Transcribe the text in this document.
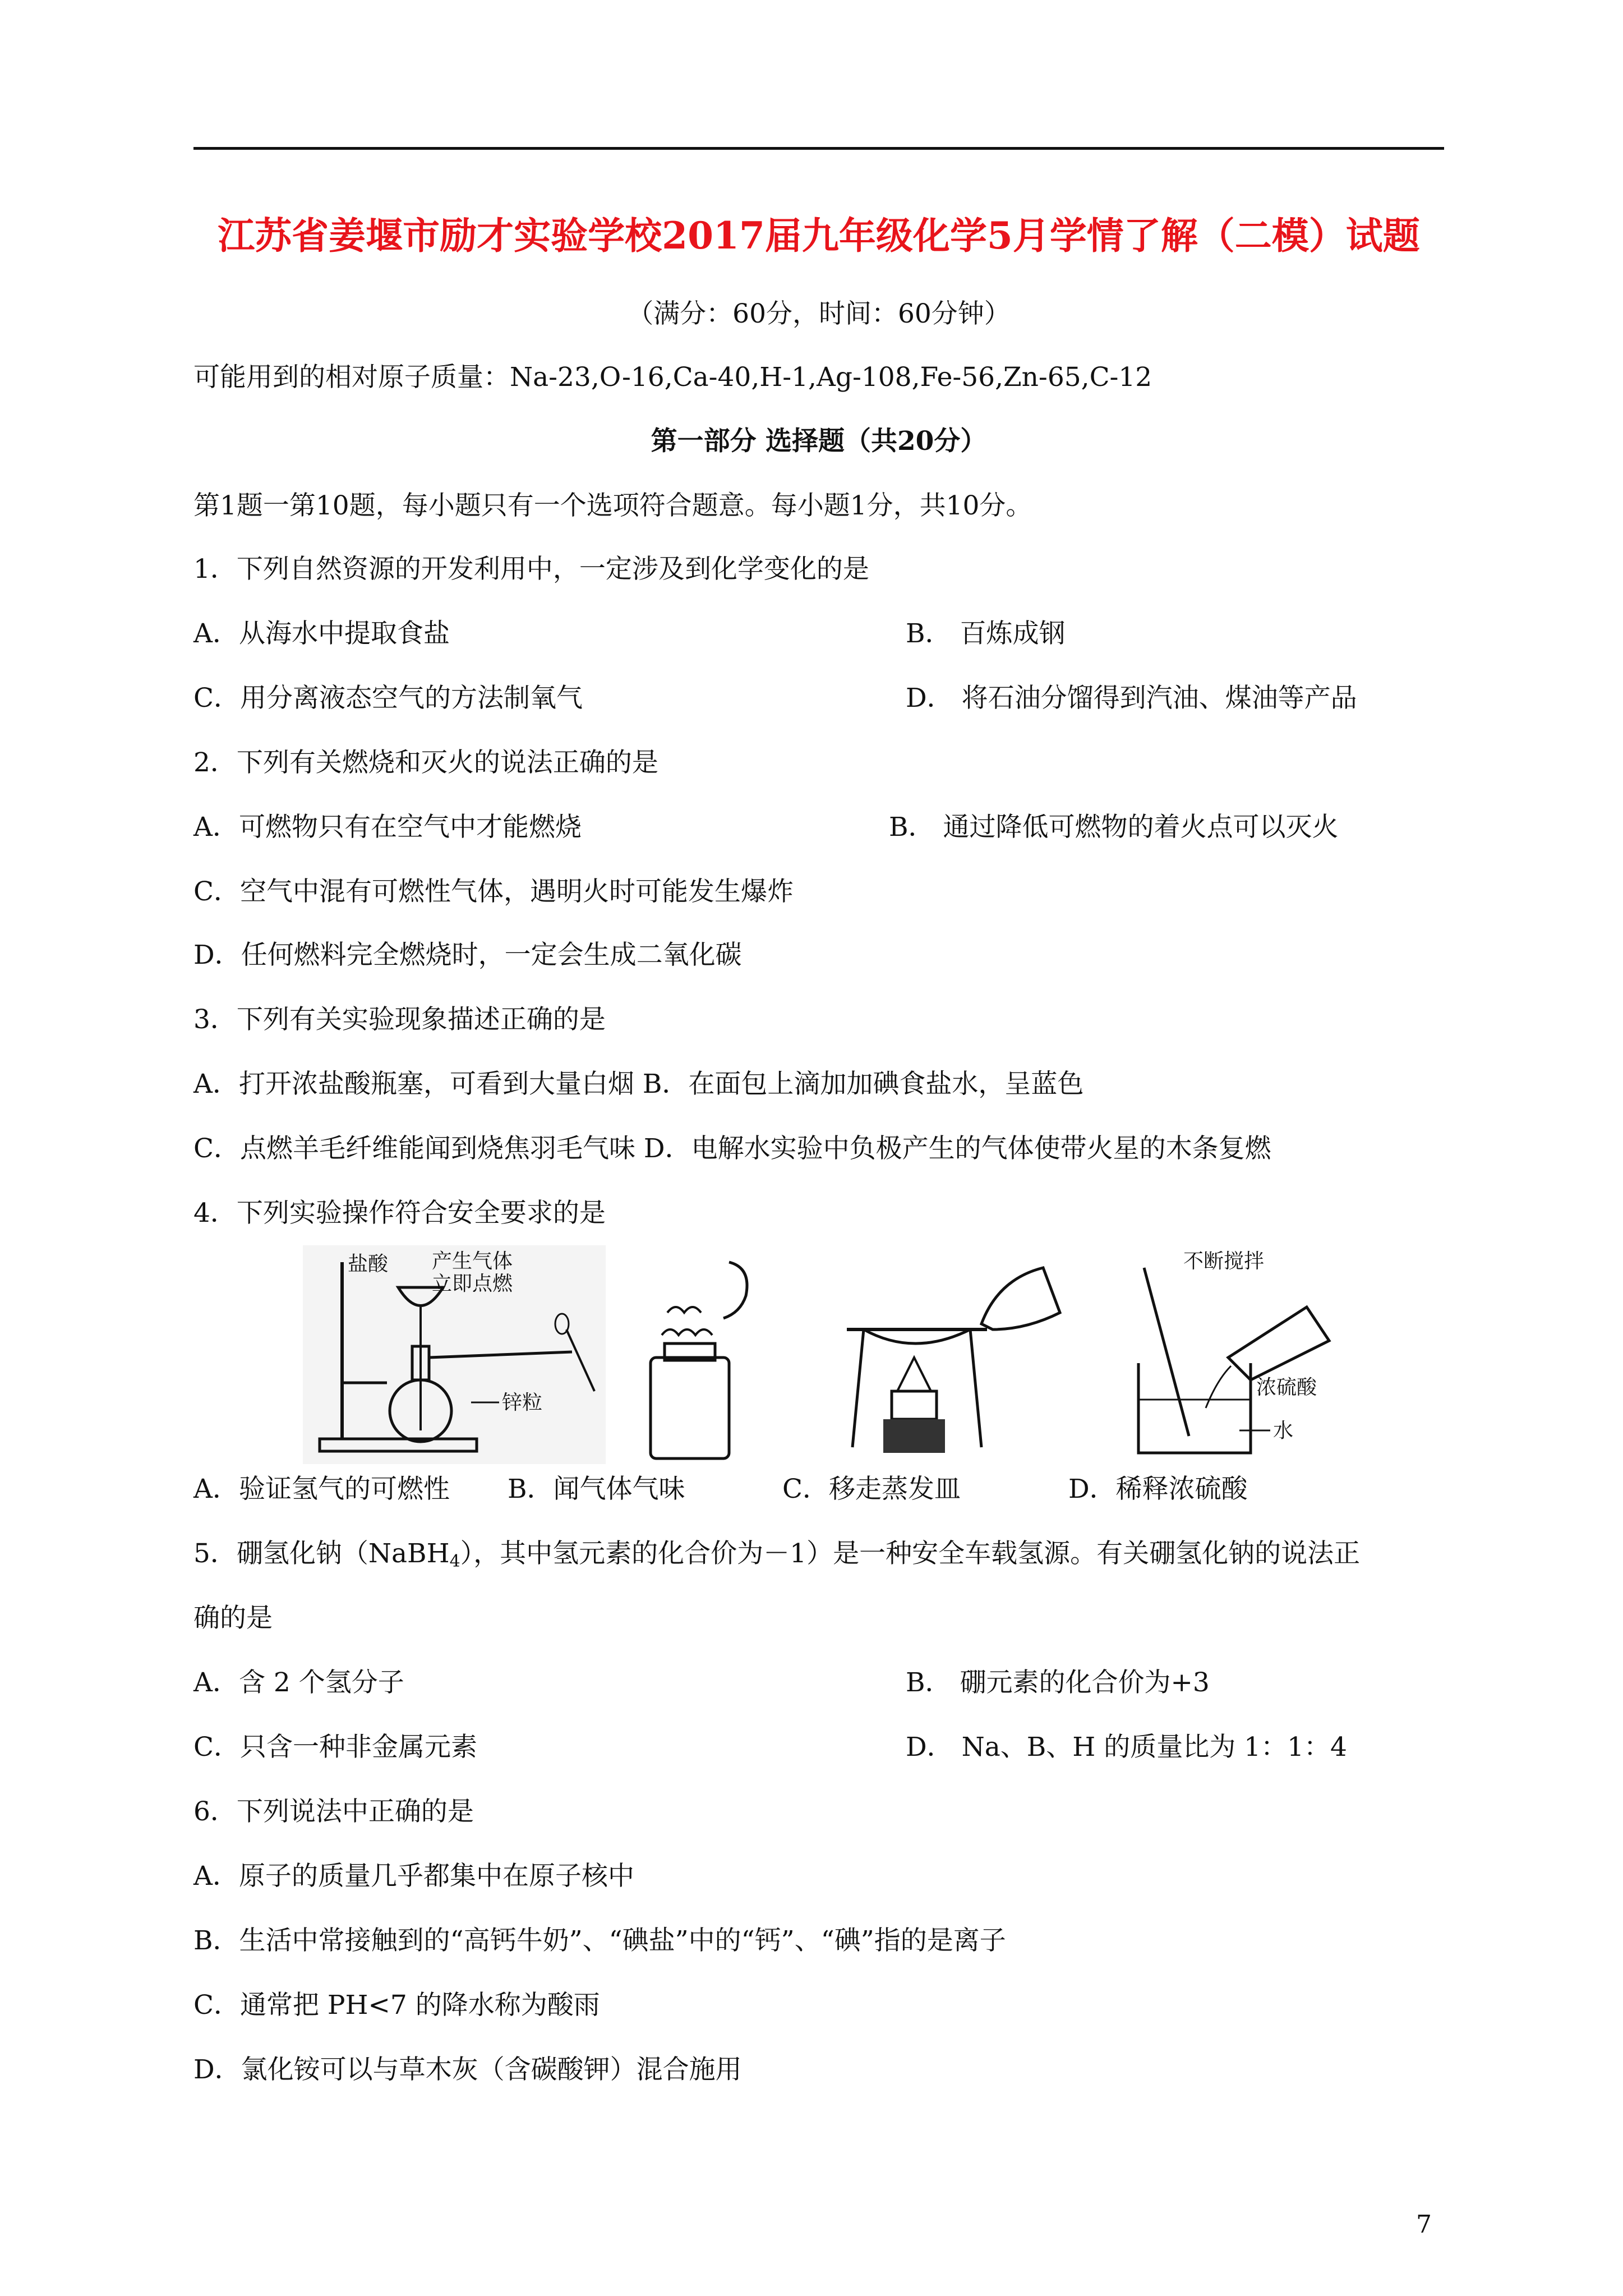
江苏省姜堰市励才实验学校2017届九年级化学5月学情了解（二模）试题
（满分：60分，时间：60分钟）
可能用到的相对原子质量：Na-23,O-16,Ca-40,H-1,Ag-108,Fe-56,Zn-65,C-12
第一部分 选择题（共20分）
第1题一第10题，每小题只有一个选项符合题意。每小题1分，共10分。
1．下列自然资源的开发利用中，一定涉及到化学变化的是
A．从海水中提取食盐	B． 百炼成钢
C．用分离液态空气的方法制氧气	D． 将石油分馏得到汽油、煤油等产品
2．下列有关燃烧和灭火的说法正确的是
A．可燃物只有在空气中才能燃烧	B． 通过降低可燃物的着火点可以灭火
C．空气中混有可燃性气体，遇明火时可能发生爆炸
D．任何燃料完全燃烧时，一定会生成二氧化碳
3．下列有关实验现象描述正确的是
A．打开浓盐酸瓶塞，可看到大量白烟 B．在面包上滴加加碘食盐水，呈蓝色
C．点燃羊毛纤维能闻到烧焦羽毛气味 D．电解水实验中负极产生的气体使带火星的木条复燃
4．下列实验操作符合安全要求的是
盐酸 产生气体
立即点燃
锌粒
不断搅拌
浓硫酸
水
A．验证氢气的可燃性 B．闻气体气味	C．移走蒸发皿	D．稀释浓硫酸
5．硼氢化钠（NaBH$_4$），其中氢元素的化合价为－1）是一种安全车载氢源。有关硼氢化钠的说法正
确的是
A．含 2 个氢分子	B． 硼元素的化合价为+3
C．只含一种非金属元素	D． Na、B、H 的质量比为 1：1：4
6．下列说法中正确的是
A．原子的质量几乎都集中在原子核中
B．生活中常接触到的“高钙牛奶”、“碘盐”中的“钙”、“碘”指的是离子
C．通常把 PH<7 的降水称为酸雨
D．氯化铵可以与草木灰（含碳酸钾）混合施用
7
